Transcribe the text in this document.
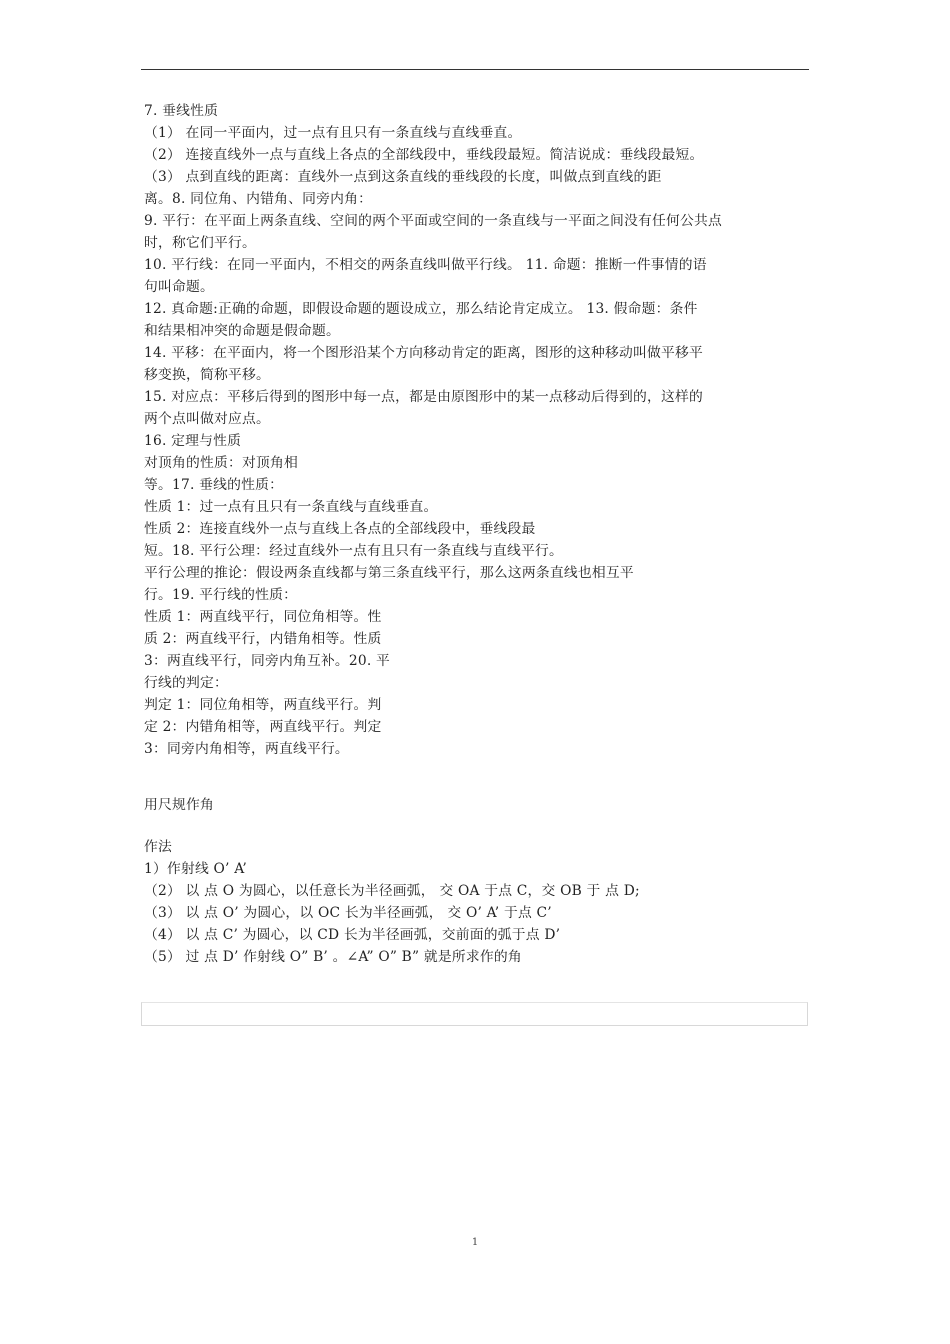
7. 垂线性质
（1） 在同一平面内，过一点有且只有一条直线与直线垂直。
（2） 连接直线外一点与直线上各点的全部线段中，垂线段最短。简洁说成：垂线段最短。
（3） 点到直线的距离：直线外一点到这条直线的垂线段的长度，叫做点到直线的距
离。8. 同位角、内错角、同旁内角：
9. 平行：在平面上两条直线、空间的两个平面或空间的一条直线与一平面之间没有任何公共点
时，称它们平行。
10. 平行线：在同一平面内，不相交的两条直线叫做平行线。 11. 命题：推断一件事情的语
句叫命题。
12. 真命题:正确的命题，即假设命题的题设成立，那么结论肯定成立。 13. 假命题：条件
和结果相冲突的命题是假命题。
14. 平移：在平面内，将一个图形沿某个方向移动肯定的距离，图形的这种移动叫做平移平
移变换，简称平移。
15. 对应点：平移后得到的图形中每一点，都是由原图形中的某一点移动后得到的，这样的
两个点叫做对应点。
16. 定理与性质
对顶角的性质：对顶角相
等。17. 垂线的性质：
性质 1：过一点有且只有一条直线与直线垂直。
性质 2：连接直线外一点与直线上各点的全部线段中，垂线段最
短。18. 平行公理：经过直线外一点有且只有一条直线与直线平行。
平行公理的推论：假设两条直线都与第三条直线平行，那么这两条直线也相互平
行。19. 平行线的性质：
性质 1：两直线平行，同位角相等。性
质 2：两直线平行，内错角相等。性质
3：两直线平行，同旁内角互补。20. 平
行线的判定：
判定 1：同位角相等，两直线平行。判
定 2：内错角相等，两直线平行。判定
3：同旁内角相等，两直线平行。
用尺规作角
作法
1）作射线 O’ A’
（2） 以 点 O 为圆心，以任意长为半径画弧， 交 OA 于点 C，交 OB 于 点 D;
（3） 以 点 O’ 为圆心，以 OC 长为半径画弧， 交 O’ A’ 于点 C’
（4） 以 点 C’ 为圆心，以 CD 长为半径画弧，交前面的弧于点 D’
（5） 过 点 D’ 作射线 O” B’ 。∠A” O” B” 就是所求作的角
1
